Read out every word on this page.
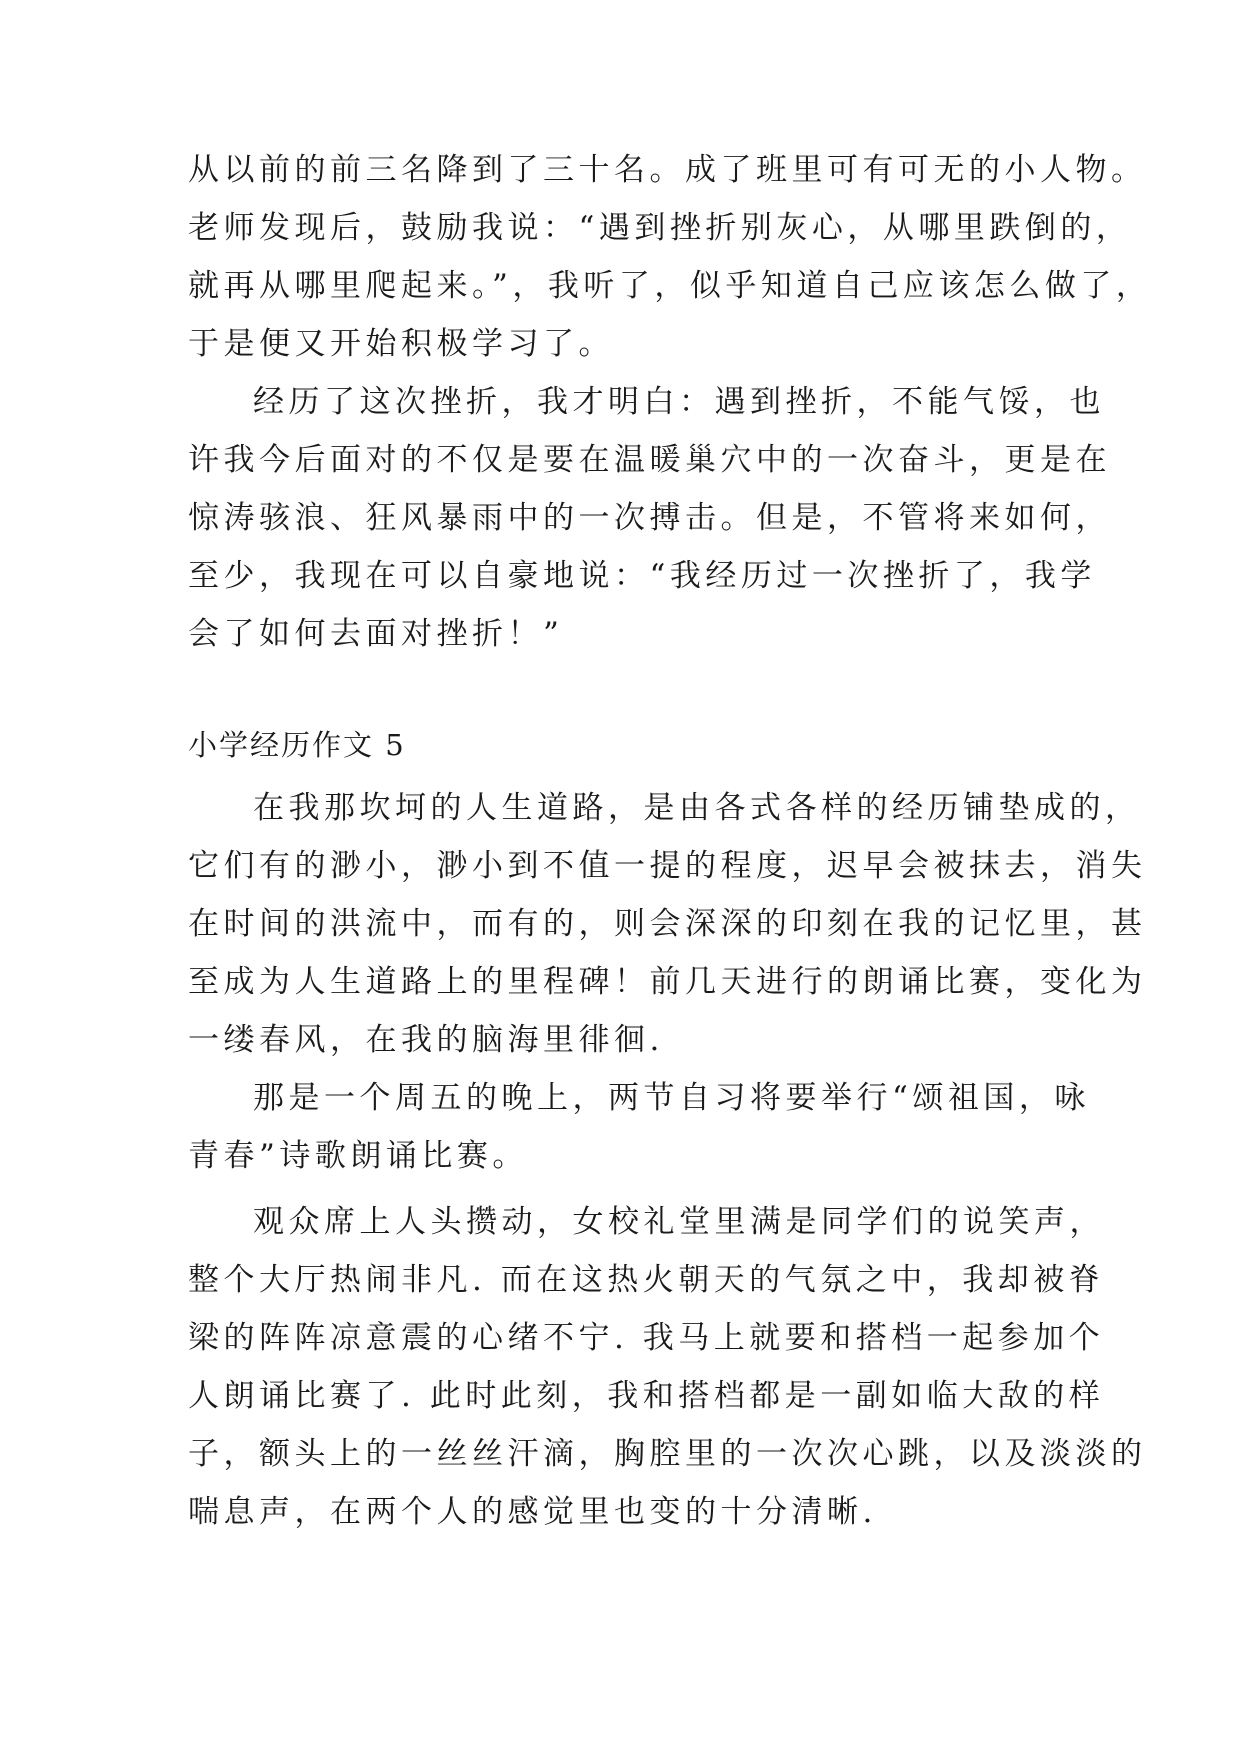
从以前的前三名降到了三十名。成了班里可有可无的小人物。
老师发现后，鼓励我说：“遇到挫折别灰心，从哪里跌倒的，
就再从哪里爬起来。”，我听了，似乎知道自己应该怎么做了，
于是便又开始积极学习了。
经历了这次挫折，我才明白：遇到挫折，不能气馁，也
许我今后面对的不仅是要在温暖巢穴中的一次奋斗，更是在
惊涛骇浪、狂风暴雨中的一次搏击。但是，不管将来如何，
至少，我现在可以自豪地说：“我经历过一次挫折了，我学
会了如何去面对挫折！”
小学经历作文 5
在我那坎坷的人生道路，是由各式各样的经历铺垫成的，
它们有的渺小，渺小到不值一提的程度，迟早会被抹去，消失
在时间的洪流中，而有的，则会深深的印刻在我的记忆里，甚
至成为人生道路上的里程碑！前几天进行的朗诵比赛，变化为
一缕春风，在我的脑海里徘徊.
那是一个周五的晚上，两节自习将要举行“颂祖国，咏
青春”诗歌朗诵比赛。
观众席上人头攒动，女校礼堂里满是同学们的说笑声，
整个大厅热闹非凡. 而在这热火朝天的气氛之中，我却被脊
梁的阵阵凉意震的心绪不宁. 我马上就要和搭档一起参加个
人朗诵比赛了. 此时此刻，我和搭档都是一副如临大敌的样
子，额头上的一丝丝汗滴，胸腔里的一次次心跳，以及淡淡的
喘息声，在两个人的感觉里也变的十分清晰.
